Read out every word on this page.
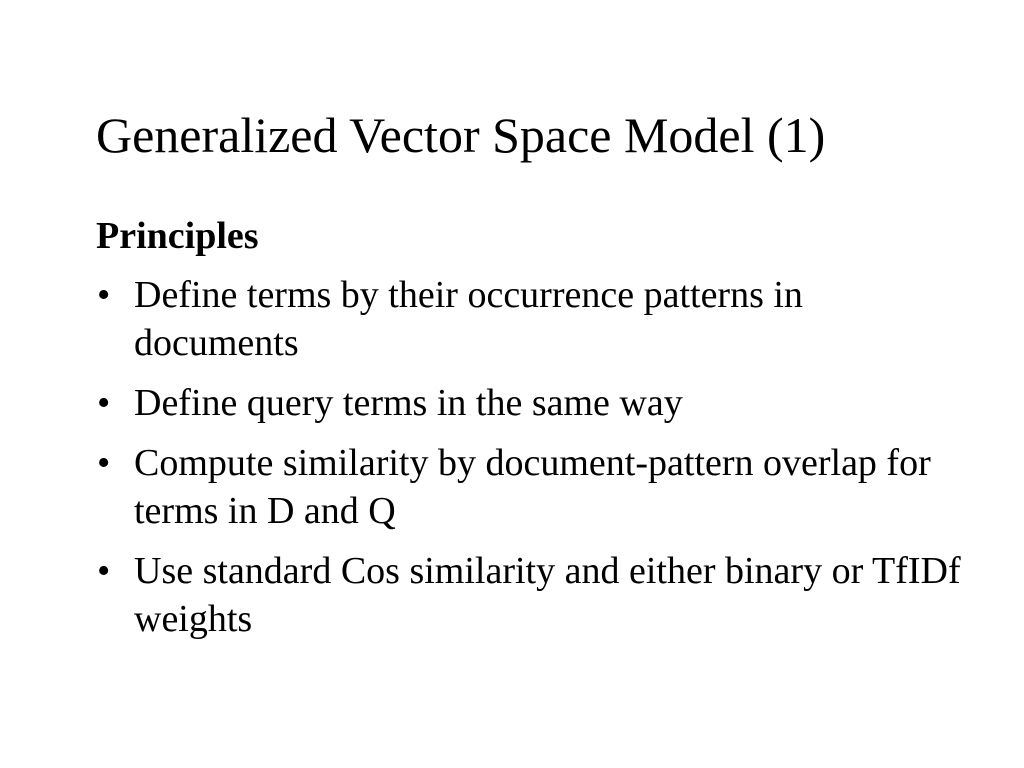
Generalized Vector Space Model (1)
Principles
• Define terms by their occurrence patterns in documents
• Define query terms in the same way
• Compute similarity by document-pattern overlap for terms in D and Q
• Use standard Cos similarity and either binary or TfIDf weights
